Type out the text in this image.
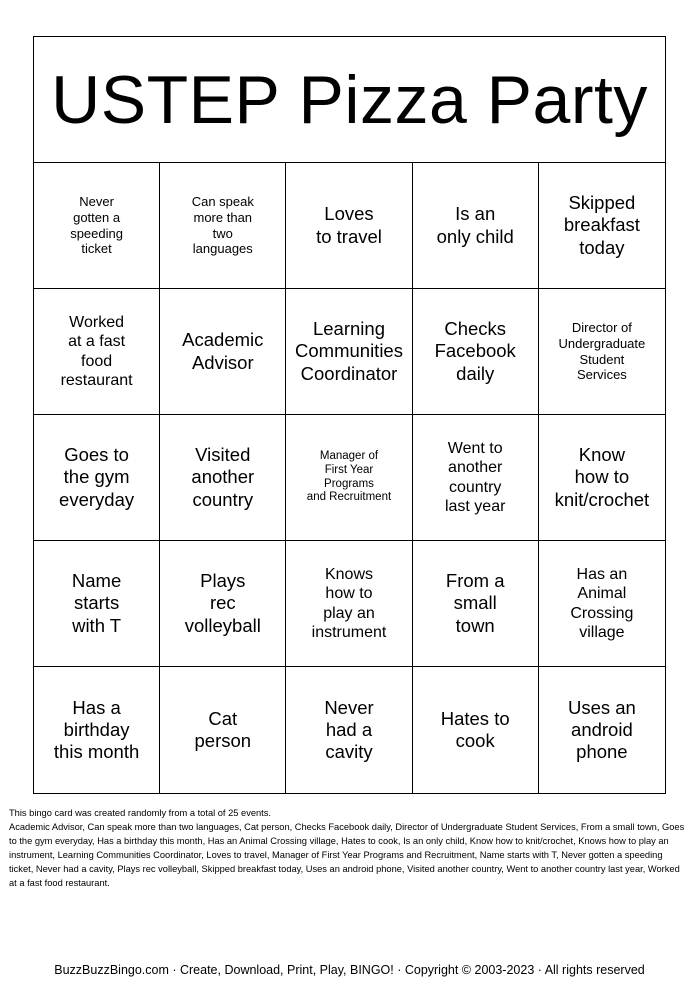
USTEP Pizza Party
Never
gotten a
speeding
ticket
Can speak
more than
two
languages
Loves
to travel
Is an
only child
Skipped
breakfast
today
Worked
at a fast
food
restaurant
Academic
Advisor
Learning
Communities
Coordinator
Checks
Facebook
daily
Director of
Undergraduate
Student
Services
Goes to
the gym
everyday
Visited
another
country
Manager of
First Year
Programs
and Recruitment
Went to
another
country
last year
Know
how to
knit/crochet
Name
starts
with T
Plays
rec
volleyball
Knows
how to
play an
instrument
From a
small
town
Has an
Animal
Crossing
village
Has a
birthday
this month
Cat
person
Never
had a
cavity
Hates to
cook
Uses an
android
phone
This bingo card was created randomly from a total of 25 events.
Academic Advisor, Can speak more than two languages, Cat person, Checks Facebook daily, Director of Undergraduate Student Services, From a small town, Goes to the gym everyday, Has a birthday this month, Has an Animal Crossing village, Hates to cook, Is an only child, Know how to knit/crochet, Knows how to play an instrument, Learning Communities Coordinator, Loves to travel, Manager of First Year Programs and Recruitment, Name starts with T, Never gotten a speeding ticket, Never had a cavity, Plays rec volleyball, Skipped breakfast today, Uses an android phone, Visited another country, Went to another country last year, Worked at a fast food restaurant.
BuzzBuzzBingo.com · Create, Download, Print, Play, BINGO! · Copyright © 2003-2023 · All rights reserved
